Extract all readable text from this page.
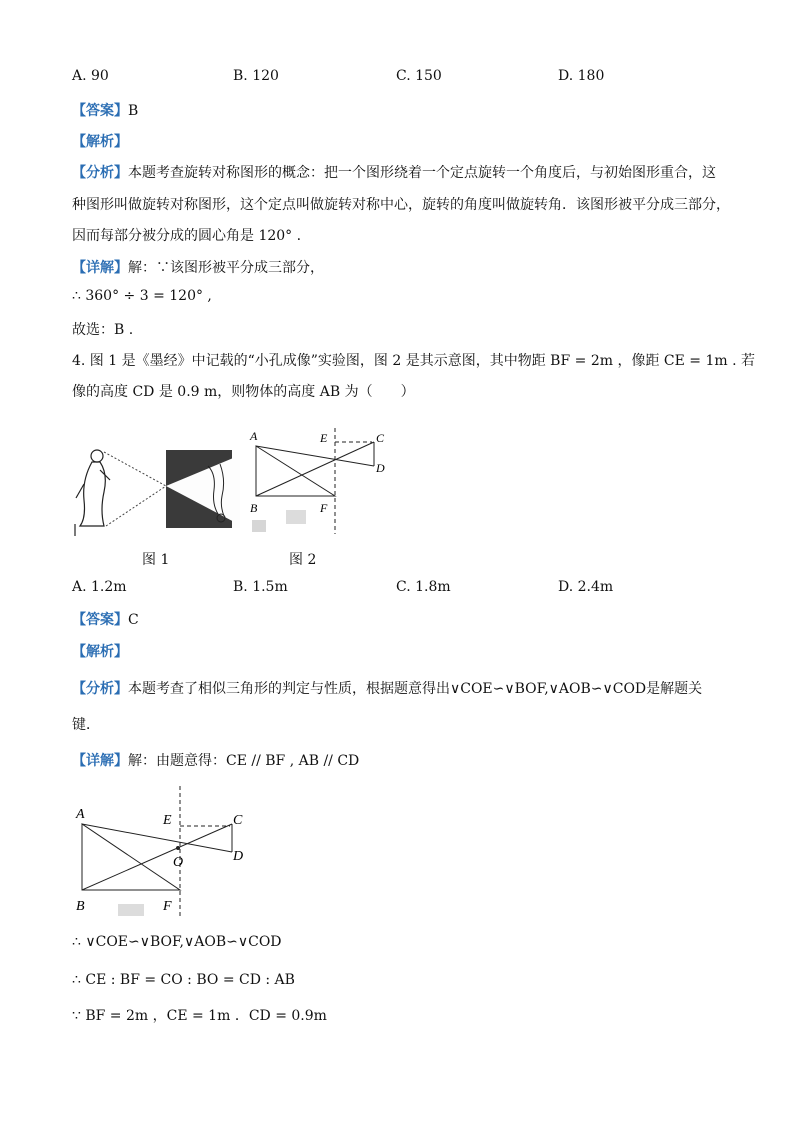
A. 90	B. 120	C. 150	D. 180
【答案】B
【解析】
【分析】本题考查旋转对称图形的概念：把一个图形绕着一个定点旋转一个角度后，与初始图形重合，这
种图形叫做旋转对称图形，这个定点叫做旋转对称中心，旋转的角度叫做旋转角．该图形被平分成三部分，
因而每部分被分成的圆心角是 120° .
【详解】解：∵该图形被平分成三部分，
∴ 360° ÷ 3 = 120° ,
故选：B .
4. 图 1 是《墨经》中记载的“小孔成像”实验图，图 2 是其示意图，其中物距 BF = 2m ，像距 CE = 1m . 若
像的高度 CD 是 0.9 m，则物体的高度 AB 为（　　）
图 1
A
B
C
D
E
F
图 2
A. 1.2m	B. 1.5m	C. 1.8m	D. 2.4m
【答案】C
【解析】
【分析】本题考查了相似三角形的判定与性质，根据题意得出∨COE∽∨BOF,∨AOB∽∨COD是解题关
键．
【详解】解：由题意得：CE // BF , AB // CD
A
B
C
D
E
F
O
∴ ∨COE∽∨BOF,∨AOB∽∨COD
∴ CE : BF = CO : BO = CD : AB
∵ BF = 2m ，CE = 1m ．CD = 0.9m
